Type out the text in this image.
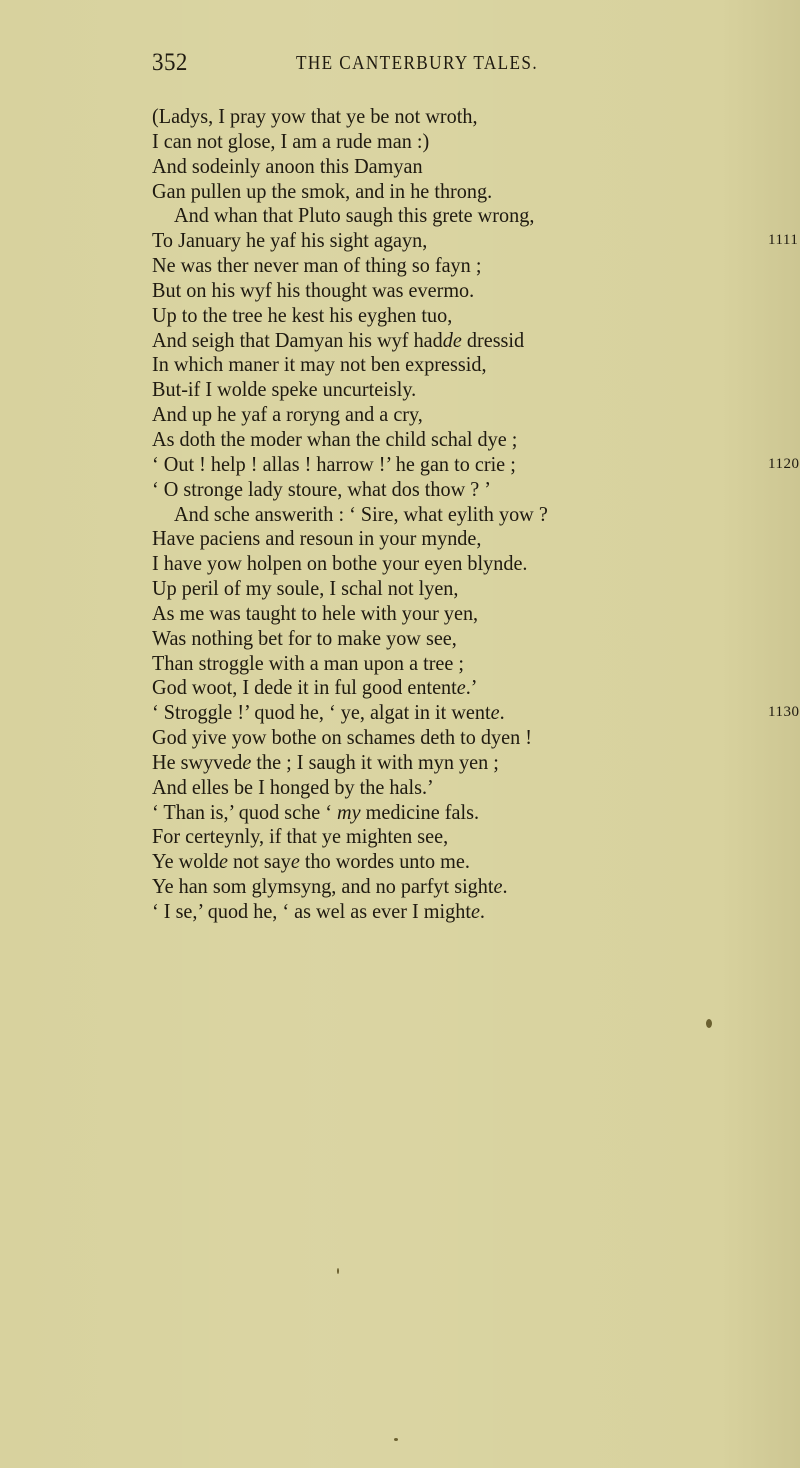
352	THE CANTERBURY TALES.
(Ladys, I pray yow that ye be not wroth,
I can not glose, I am a rude man :)
And sodeinly anoon this Damyan
Gan pullen up the smok, and in he throng.
And whan that Pluto saugh this grete wrong,
To January he yaf his sight agayn,	1111
Ne was ther never man of thing so fayn ;
But on his wyf his thought was evermo.
Up to the tree he kest his eyghen tuo,
And seigh that Damyan his wyf hadde dressid
In which maner it may not ben expressid,
But-if I wolde speke uncurteisly.
And up he yaf a roryng and a cry,
As doth the moder whan the child schal dye ;
‘ Out ! help ! allas ! harrow !’ he gan to crie ;	1120
‘ O stronge lady stoure, what dos thow ? ’
And sche answerith : ‘ Sire, what eylith yow ?
Have paciens and resoun in your mynde,
I have yow holpen on bothe your eyen blynde.
Up peril of my soule, I schal not lyen,
As me was taught to hele with your yen,
Was nothing bet for to make yow see,
Than stroggle with a man upon a tree ;
God woot, I dede it in ful good entente.’
‘ Stroggle !’ quod he, ‘ ye, algat in it wente.	1130
God yive yow bothe on schames deth to dyen !
He swyvede the ; I saugh it with myn yen ;
And elles be I honged by the hals.’
‘ Than is,’ quod sche ‘ my medicine fals.
For certeynly, if that ye mighten see,
Ye wolde not saye tho wordes unto me.
Ye han som glymsyng, and no parfyt sighte.
‘ I se,’ quod he, ‘ as wel as ever I mighte.
